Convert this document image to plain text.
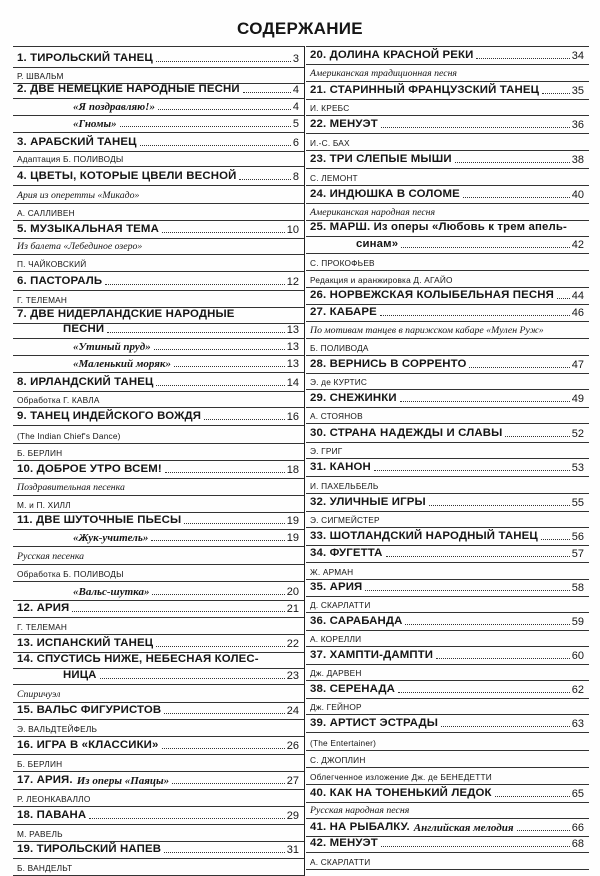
СОДЕРЖАНИЕ
1. ТИРОЛЬСКИЙ ТАНЕЦ	3
Р. ШВАЛЬМ
2. ДВЕ НЕМЕЦКИЕ НАРОДНЫЕ ПЕСНИ	4
«Я поздравляю!»	4
«Гномы»	5
3. АРАБСКИЙ ТАНЕЦ	6
Адаптация Б. ПОЛИВОДЫ
4. ЦВЕТЫ, КОТОРЫЕ ЦВЕЛИ ВЕСНОЙ	8
Ария из оперетты «Микадо»
А. САЛЛИВЕН
5. МУЗЫКАЛЬНАЯ ТЕМА	10
Из балета «Лебединое озеро»
П. ЧАЙКОВСКИЙ
6. ПАСТОРАЛЬ	12
Г. ТЕЛЕМАН
7. ДВЕ НИДЕРЛАНДСКИЕ НАРОДНЫЕ
ПЕСНИ	13
«Утиный пруд»	13
«Маленький моряк»	13
8. ИРЛАНДСКИЙ ТАНЕЦ	14
Обработка Г. КАВЛА
9. ТАНЕЦ ИНДЕЙСКОГО ВОЖДЯ	16
(The Indian Chief's Dance)
Б. БЕРЛИН
10. ДОБРОЕ УТРО ВСЕМ!	18
Поздравительная песенка
М. и П. ХИЛЛ
11. ДВЕ ШУТОЧНЫЕ ПЬЕСЫ	19
«Жук-учитель»	19
Русская песенка
Обработка Б. ПОЛИВОДЫ
«Вальс-шутка»	20
12. АРИЯ	21
Г. ТЕЛЕМАН
13. ИСПАНСКИЙ ТАНЕЦ	22
14. СПУСТИСЬ НИЖЕ, НЕБЕСНАЯ КОЛЕС-
НИЦА	23
Спиричуэл
15. ВАЛЬС ФИГУРИСТОВ	24
Э. ВАЛЬДТЕЙФЕЛЬ
16. ИГРА В «КЛАССИКИ»	26
Б. БЕРЛИН
17. АРИЯ. Из оперы «Паяцы»	27
Р. ЛЕОНКАВАЛЛО
18. ПАВАНА	29
М. РАВЕЛЬ
19. ТИРОЛЬСКИЙ НАПЕВ	31
Б. ВАНДЕЛЬТ
20. ДОЛИНА КРАСНОЙ РЕКИ	34
Американская традиционная песня
21. СТАРИННЫЙ ФРАНЦУЗСКИЙ ТАНЕЦ	35
И. КРЕБС
22. МЕНУЭТ	36
И.-С. БАХ
23. ТРИ СЛЕПЫЕ МЫШИ	38
С. ЛЕМОНТ
24. ИНДЮШКА В СОЛОМЕ	40
Американская народная песня
25. МАРШ. Из оперы «Любовь к трем апель-
синам»	42
С. ПРОКОФЬЕВ
Редакция и аранжировка Д. АГАЙО
26. НОРВЕЖСКАЯ КОЛЫБЕЛЬНАЯ ПЕСНЯ 44
27. КАБАРЕ	46
По мотивам танцев в парижском кабаре «Мулен Руж»
Б. ПОЛИВОДА
28. ВЕРНИСЬ В СОРРЕНТО	47
Э. де КУРТИС
29. СНЕЖИНКИ	49
А. СТОЯНОВ
30. СТРАНА НАДЕЖДЫ И СЛАВЫ	52
Э. ГРИГ
31. КАНОН	53
И. ПАХЕЛЬБЕЛЬ
32. УЛИЧНЫЕ ИГРЫ	55
Э. СИГМЕЙСТЕР
33. ШОТЛАНДСКИЙ НАРОДНЫЙ ТАНЕЦ	56
34. ФУГЕТТА	57
Ж. АРМАН
35. АРИЯ	58
Д. СКАРЛАТТИ
36. САРАБАНДА	59
А. КОРЕЛЛИ
37. ХАМПТИ-ДАМПТИ	60
Дж. ДАРВЕН
38. СЕРЕНАДА	62
Дж. ГЕЙНОР
39. АРТИСТ ЭСТРАДЫ	63
(The Entertainer)
С. ДЖОПЛИН
Облегченное изложение Дж. де БЕНЕДЕТТИ
40. КАК НА ТОНЕНЬКИЙ ЛЕДОК	65
Русская народная песня
41. НА РЫБАЛКУ. Английская мелодия	66
42. МЕНУЭТ	68
А. СКАРЛАТТИ
